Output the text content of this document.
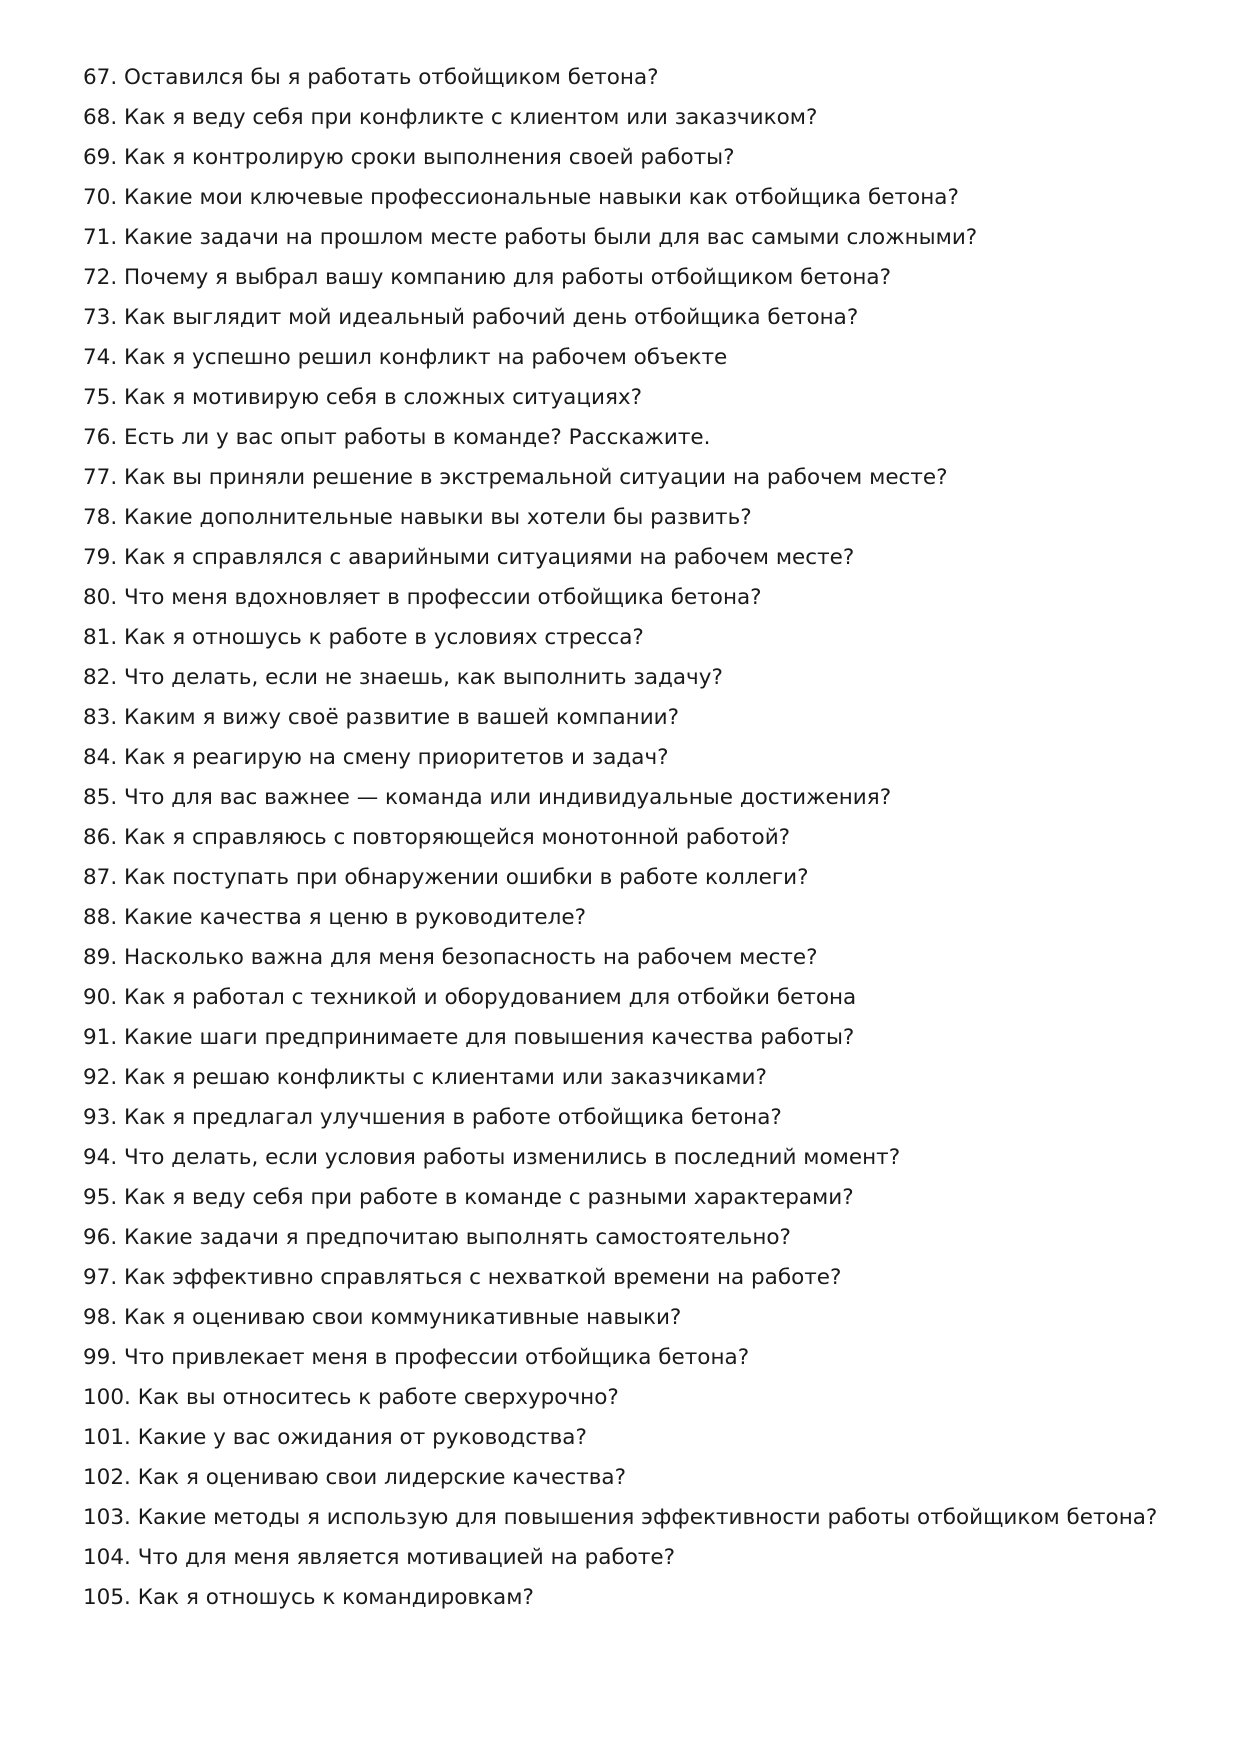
67. Оставился бы я работать отбойщиком бетона?
68. Как я веду себя при конфликте с клиентом или заказчиком?
69. Как я контролирую сроки выполнения своей работы?
70. Какие мои ключевые профессиональные навыки как отбойщика бетона?
71. Какие задачи на прошлом месте работы были для вас самыми сложными?
72. Почему я выбрал вашу компанию для работы отбойщиком бетона?
73. Как выглядит мой идеальный рабочий день отбойщика бетона?
74. Как я успешно решил конфликт на рабочем объекте
75. Как я мотивирую себя в сложных ситуациях?
76. Есть ли у вас опыт работы в команде? Расскажите.
77. Как вы приняли решение в экстремальной ситуации на рабочем месте?
78. Какие дополнительные навыки вы хотели бы развить?
79. Как я справлялся с аварийными ситуациями на рабочем месте?
80. Что меня вдохновляет в профессии отбойщика бетона?
81. Как я отношусь к работе в условиях стресса?
82. Что делать, если не знаешь, как выполнить задачу?
83. Каким я вижу своё развитие в вашей компании?
84. Как я реагирую на смену приоритетов и задач?
85. Что для вас важнее — команда или индивидуальные достижения?
86. Как я справляюсь с повторяющейся монотонной работой?
87. Как поступать при обнаружении ошибки в работе коллеги?
88. Какие качества я ценю в руководителе?
89. Насколько важна для меня безопасность на рабочем месте?
90. Как я работал с техникой и оборудованием для отбойки бетона
91. Какие шаги предпринимаете для повышения качества работы?
92. Как я решаю конфликты с клиентами или заказчиками?
93. Как я предлагал улучшения в работе отбойщика бетона?
94. Что делать, если условия работы изменились в последний момент?
95. Как я веду себя при работе в команде с разными характерами?
96. Какие задачи я предпочитаю выполнять самостоятельно?
97. Как эффективно справляться с нехваткой времени на работе?
98. Как я оцениваю свои коммуникативные навыки?
99. Что привлекает меня в профессии отбойщика бетона?
100. Как вы относитесь к работе сверхурочно?
101. Какие у вас ожидания от руководства?
102. Как я оцениваю свои лидерские качества?
103. Какие методы я использую для повышения эффективности работы отбойщиком бетона?
104. Что для меня является мотивацией на работе?
105. Как я отношусь к командировкам?
